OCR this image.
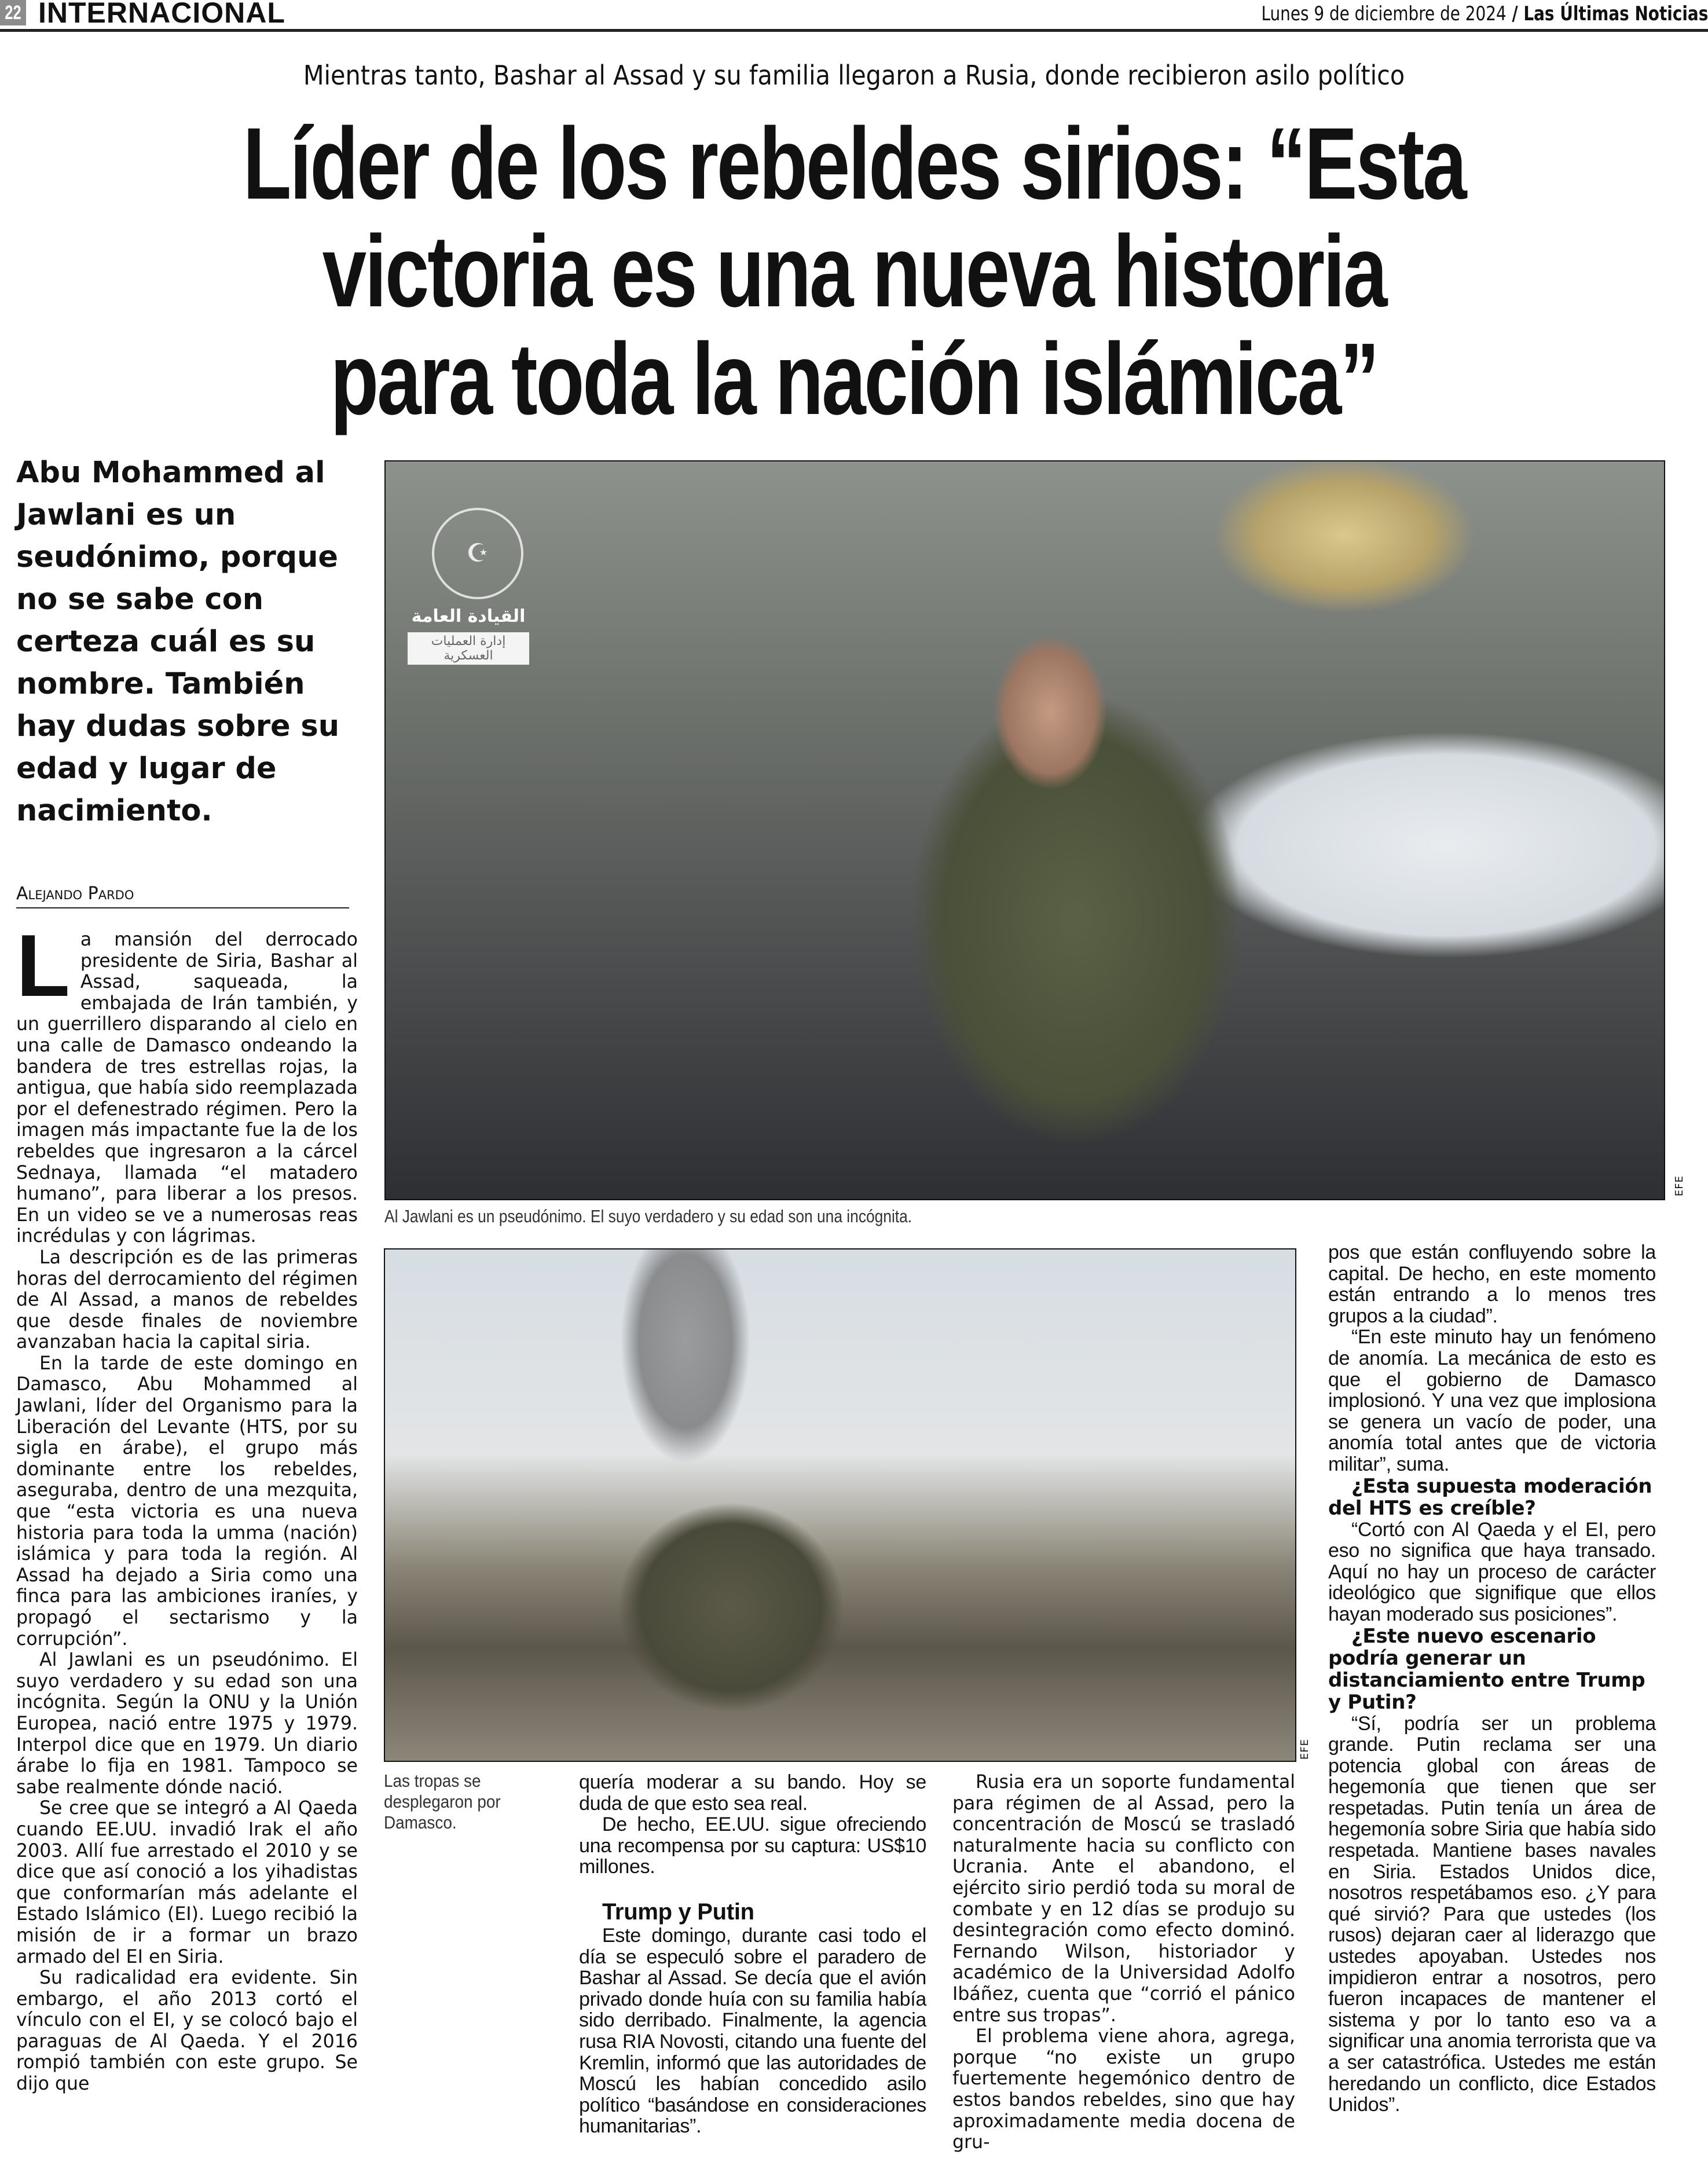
22 INTERNACIONAL	Lunes 9 de diciembre de 2024 / Las Últimas Noticias
Mientras tanto, Bashar al Assad y su familia llegaron a Rusia, donde recibieron asilo político
Líder de los rebeldes sirios: “Esta victoria es una nueva historia para toda la nación islámica”
Abu Mohammed al Jawlani es un seudónimo, porque no se sabe con certeza cuál es su nombre. También hay dudas sobre su edad y lugar de nacimiento.
Alejando Pardo

La mansión del derrocado presidente de Siria, Bashar al Assad, saqueada, la embajada de Irán también, y un guerrillero disparando al cielo en una calle de Damasco ondeando la bandera de tres estrellas rojas, la antigua, que había sido reemplazada por el defenestrado régimen. Pero la imagen más impactante fue la de los rebeldes que ingresaron a la cárcel Sednaya, llamada “el matadero humano”, para liberar a los presos. En un video se ve a numerosas reas incrédulas y con lágrimas.

La descripción es de las primeras horas del derrocamiento del régimen de Al Assad, a manos de rebeldes que desde finales de noviembre avanzaban hacia la capital siria.

En la tarde de este domingo en Damasco, Abu Mohammed al Jawlani, líder del Organismo para la Liberación del Levante (HTS, por su sigla en árabe), el grupo más dominante entre los rebeldes, aseguraba, dentro de una mezquita, que “esta victoria es una nueva historia para toda la umma (nación) islámica y para toda la región. Al Assad ha dejado a Siria como una finca para las ambiciones iraníes, y propagó el sectarismo y la corrupción”.

Al Jawlani es un pseudónimo. El suyo verdadero y su edad son una incógnita. Según la ONU y la Unión Europea, nació entre 1975 y 1979. Interpol dice que en 1979. Un diario árabe lo fija en 1981. Tampoco se sabe realmente dónde nació.

Se cree que se integró a Al Qaeda cuando EE.UU. invadió Irak el año 2003. Allí fue arrestado el 2010 y se dice que así conoció a los yihadistas que conformarían más adelante el Estado Islámico (EI). Luego recibió la misión de ir a formar un brazo armado del EI en Siria.

Su radicalidad era evidente. Sin embargo, el año 2013 cortó el vínculo con el EI, y se colocó bajo el paraguas de Al Qaeda. Y el 2016 rompió también con este grupo. Se dijo que

☪
القيادة العامة
إدارة العمليات العسكرية
EFE
Al Jawlani es un pseudónimo. El suyo verdadero y su edad son una incógnita.
EFE
Las tropas se desplegaron por Damasco.

quería moderar a su bando. Hoy se duda de que esto sea real.

De hecho, EE.UU. sigue ofreciendo una recompensa por su captura: US$10 millones.

Trump y Putin

Este domingo, durante casi todo el día se especuló sobre el paradero de Bashar al Assad. Se decía que el avión privado donde huía con su familia había sido derribado. Finalmente, la agencia rusa RIA Novosti, citando una fuente del Kremlin, informó que las autoridades de Moscú les habían concedido asilo político “basándose en consideraciones humanitarias”.

Rusia era un soporte fundamental para régimen de al Assad, pero la concentración de Moscú se trasladó naturalmente hacia su conflicto con Ucrania. Ante el abandono, el ejército sirio perdió toda su moral de combate y en 12 días se produjo su desintegración como efecto dominó. Fernando Wilson, historiador y académico de la Universidad Adolfo Ibáñez, cuenta que “corrió el pánico entre sus tropas”.

El problema viene ahora, agrega, porque “no existe un grupo fuertemente hegemónico dentro de estos bandos rebeldes, sino que hay aproximadamente media docena de gru-

pos que están confluyendo sobre la capital. De hecho, en este momento están entrando a lo menos tres grupos a la ciudad”.

“En este minuto hay un fenómeno de anomía. La mecánica de esto es que el gobierno de Damasco implosionó. Y una vez que implosiona se genera un vacío de poder, una anomía total antes que de victoria militar”, suma.

¿Esta supuesta moderación del HTS es creíble?

“Cortó con Al Qaeda y el EI, pero eso no significa que haya transado. Aquí no hay un proceso de carácter ideológico que signifique que ellos hayan moderado sus posiciones”.

¿Este nuevo escenario podría generar un distanciamiento entre Trump y Putin?

“Sí, podría ser un problema grande. Putin reclama ser una potencia global con áreas de hegemonía que tienen que ser respetadas. Putin tenía un área de hegemonía sobre Siria que había sido respetada. Mantiene bases navales en Siria. Estados Unidos dice, nosotros respetábamos eso. ¿Y para qué sirvió? Para que ustedes (los rusos) dejaran caer al liderazgo que ustedes apoyaban. Ustedes nos impidieron entrar a nosotros, pero fueron incapaces de mantener el sistema y por lo tanto eso va a significar una anomia terrorista que va a ser catastrófica. Ustedes me están heredando un conflicto, dice Estados Unidos”.
